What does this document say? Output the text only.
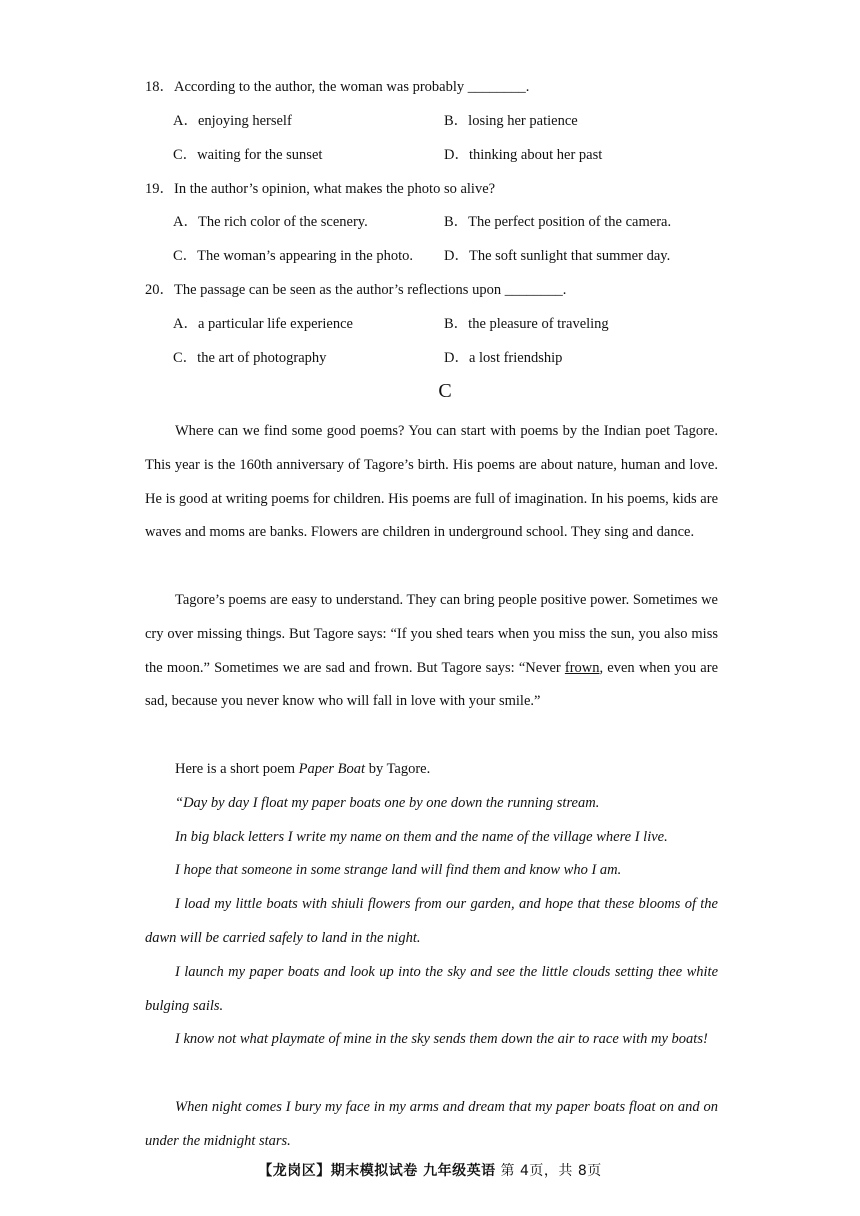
18．According to the author, the woman was probably ________.
A．enjoying herself	B．losing her patience
C．waiting for the sunset	D．thinking about her past
19．In the author’s opinion, what makes the photo so alive?
A．The rich color of the scenery.	B．The perfect position of the camera.
C．The woman’s appearing in the photo. D．The soft sunlight that summer day.
20．The passage can be seen as the author’s reflections upon ________.
A．a particular life experience	B．the pleasure of traveling
C．the art of photography	D．a lost friendship
C

Where can we find some good poems? You can start with poems by the Indian poet Tagore. This year is the 160th anniversary of Tagore’s birth. His poems are about nature, human and love. He is good at writing poems for children. His poems are full of imagination. In his poems, kids are waves and moms are banks. Flowers are children in underground school. They sing and dance.

Tagore’s poems are easy to understand. They can bring people positive power. Sometimes we cry over missing things. But Tagore says: “If you shed tears when you miss the sun, you also miss the moon.” Sometimes we are sad and frown. But Tagore says: “Never frown, even when you are sad, because you never know who will fall in love with your smile.”

Here is a short poem Paper Boat by Tagore.

“Day by day I float my paper boats one by one down the running stream.

In big black letters I write my name on them and the name of the village where I live.

I hope that someone in some strange land will find them and know who I am.

I load my little boats with shiuli flowers from our garden, and hope that these blooms of the dawn will be carried safely to land in the night.

I launch my paper boats and look up into the sky and see the little clouds setting thee white bulging sails.

I know not what playmate of mine in the sky sends them down the air to race with my boats!

When night comes I bury my face in my arms and dream that my paper boats float on and on under the midnight stars.

【龙岗区】期末模拟试卷 九年级英语 第 4页，共 8页
